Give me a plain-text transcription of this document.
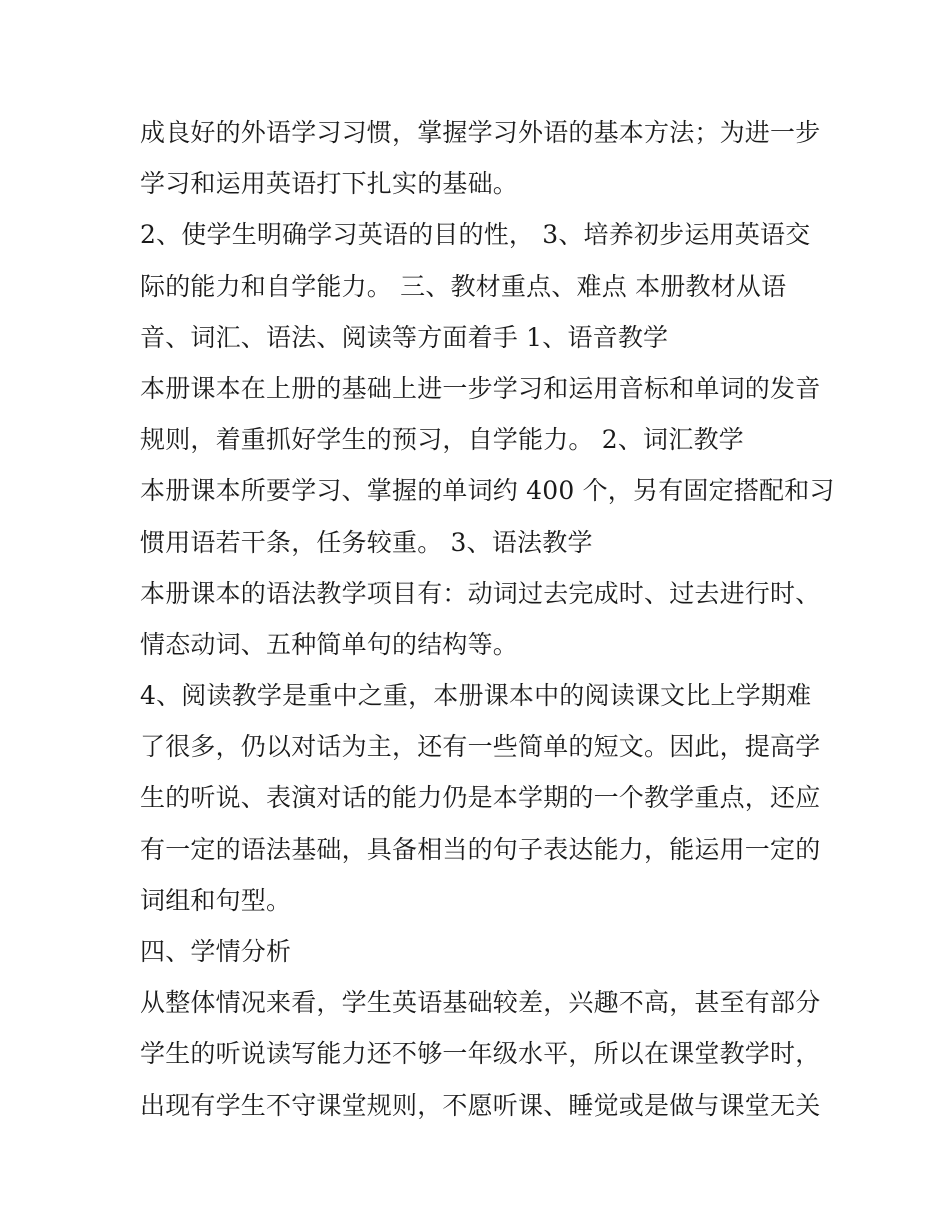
成良好的外语学习习惯，掌握学习外语的基本方法；为进一步
学习和运用英语打下扎实的基础。
2、使学生明确学习英语的目的性， 3、培养初步运用英语交
际的能力和自学能力。 三、教材重点、难点 本册教材从语
音、词汇、语法、阅读等方面着手 1、语音教学
本册课本在上册的基础上进一步学习和运用音标和单词的发音
规则，着重抓好学生的预习，自学能力。 2、词汇教学
本册课本所要学习、掌握的单词约 400 个，另有固定搭配和习
惯用语若干条，任务较重。 3、语法教学
本册课本的语法教学项目有：动词过去完成时、过去进行时、
情态动词、五种简单句的结构等。
4、阅读教学是重中之重，本册课本中的阅读课文比上学期难
了很多，仍以对话为主，还有一些简单的短文。因此，提高学
生的听说、表演对话的能力仍是本学期的一个教学重点，还应
有一定的语法基础，具备相当的句子表达能力，能运用一定的
词组和句型。
四、学情分析
从整体情况来看，学生英语基础较差，兴趣不高，甚至有部分
学生的听说读写能力还不够一年级水平，所以在课堂教学时，
出现有学生不守课堂规则，不愿听课、睡觉或是做与课堂无关
